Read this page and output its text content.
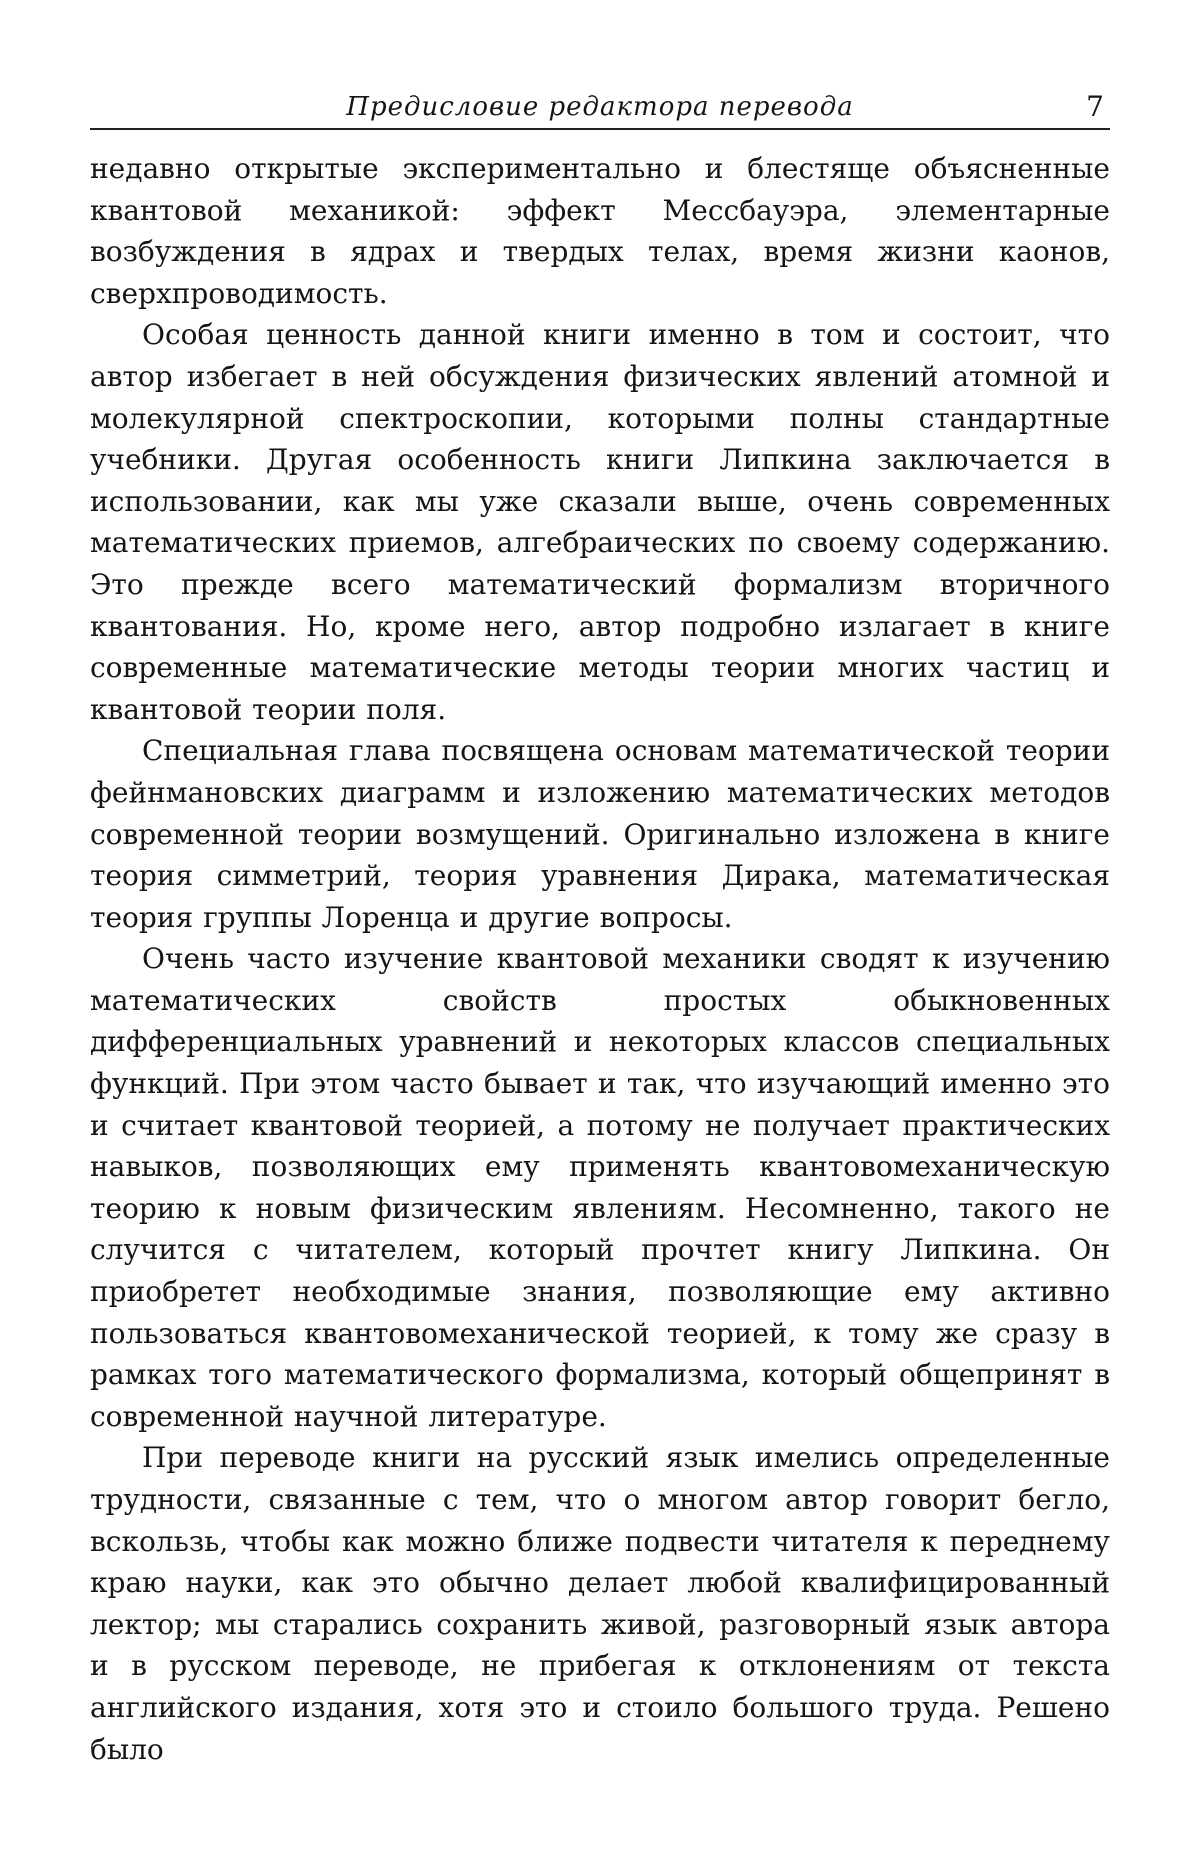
Предисловие редактора перевода	7

недавно открытые экспериментально и блестяще объясненные квантовой механикой: эффект Мессбауэра, элементарные возбуждения в ядрах и твердых телах, время жизни каонов, сверхпроводимость.

Особая ценность данной книги именно в том и состоит, что автор избегает в ней обсуждения физических явлений атомной и молекулярной спектроскопии, которыми полны стандартные учебники. Другая особенность книги Липкина заключается в использовании, как мы уже сказали выше, очень современных математических приемов, алгебраических по своему содержанию. Это прежде всего математический формализм вторичного квантования. Но, кроме него, автор подробно излагает в книге современные математические методы теории многих частиц и квантовой теории поля.

Специальная глава посвящена основам математической теории фейнмановских диаграмм и изложению математических методов современной теории возмущений. Оригинально изложена в книге теория симметрий, теория уравнения Дирака, математическая теория группы Лоренца и другие вопросы.

Очень часто изучение квантовой механики сводят к изучению математических свойств простых обыкновенных дифференциальных уравнений и некоторых классов специальных функций. При этом часто бывает и так, что изучающий именно это и считает квантовой теорией, а потому не получает практических навыков, позволяющих ему применять квантовомеханическую теорию к новым физическим явлениям. Несомненно, такого не случится с читателем, который прочтет книгу Липкина. Он приобретет необходимые знания, позволяющие ему активно пользоваться квантовомеханической теорией, к тому же сразу в рамках того математического формализма, который общепринят в современной научной литературе.

При переводе книги на русский язык имелись определенные трудности, связанные с тем, что о многом автор говорит бегло, вскользь, чтобы как можно ближе подвести читателя к переднему краю науки, как это обычно делает любой квалифицированный лектор; мы старались сохранить живой, разговорный язык автора и в русском переводе, не прибегая к отклонениям от текста английского издания, хотя это и стоило большого труда. Решено было
